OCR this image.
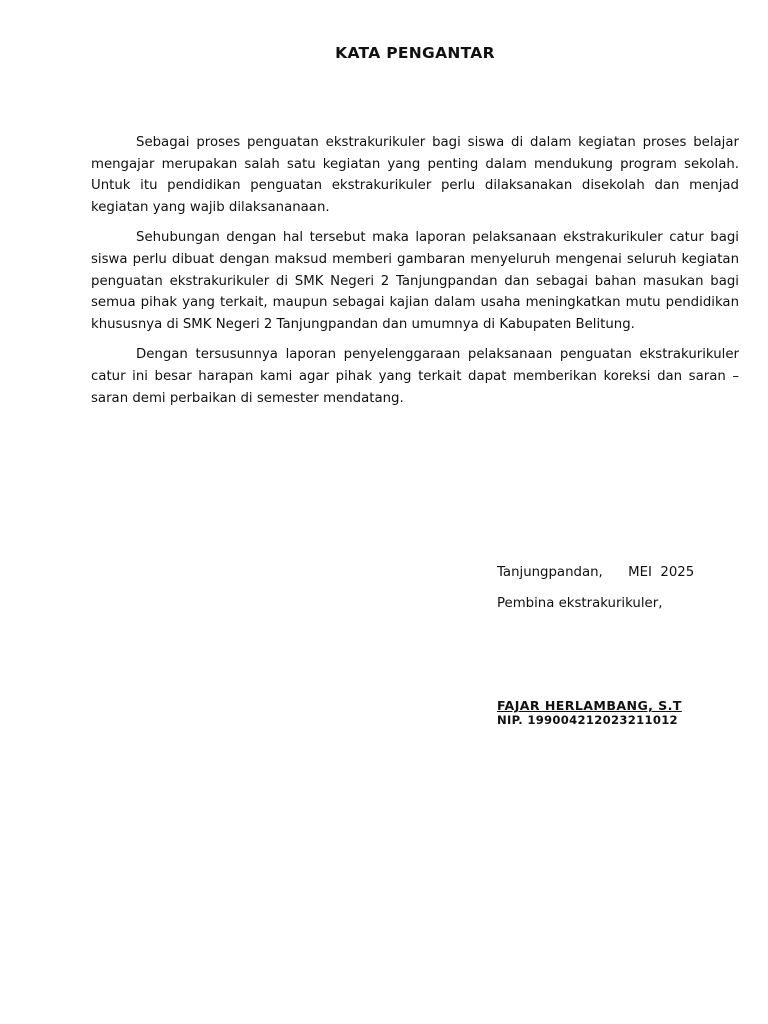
KATA PENGANTAR

Sebagai proses penguatan ekstrakurikuler bagi siswa di dalam kegiatan proses belajar mengajar merupakan salah satu kegiatan yang penting dalam mendukung program sekolah. Untuk itu pendidikan penguatan ekstrakurikuler perlu dilaksanakan disekolah dan menjad kegiatan yang wajib dilaksananaan.

Sehubungan dengan hal tersebut maka laporan pelaksanaan ekstrakurikuler catur bagi siswa perlu dibuat dengan maksud memberi gambaran menyeluruh mengenai seluruh kegiatan penguatan ekstrakurikuler di SMK Negeri 2 Tanjungpandan dan sebagai bahan masukan bagi semua pihak yang terkait, maupun sebagai kajian dalam usaha meningkatkan mutu pendidikan khususnya di SMK Negeri 2 Tanjungpandan dan umumnya di Kabupaten Belitung.

Dengan tersusunnya laporan penyelenggaraan pelaksanaan penguatan ekstrakurikuler catur ini besar harapan kami agar pihak yang terkait dapat memberikan koreksi dan saran – saran demi perbaikan di semester mendatang.

Tanjungpandan,      MEI  2025
Pembina ekstrakurikuler,
FAJAR HERLAMBANG, S.T
NIP. 199004212023211012
